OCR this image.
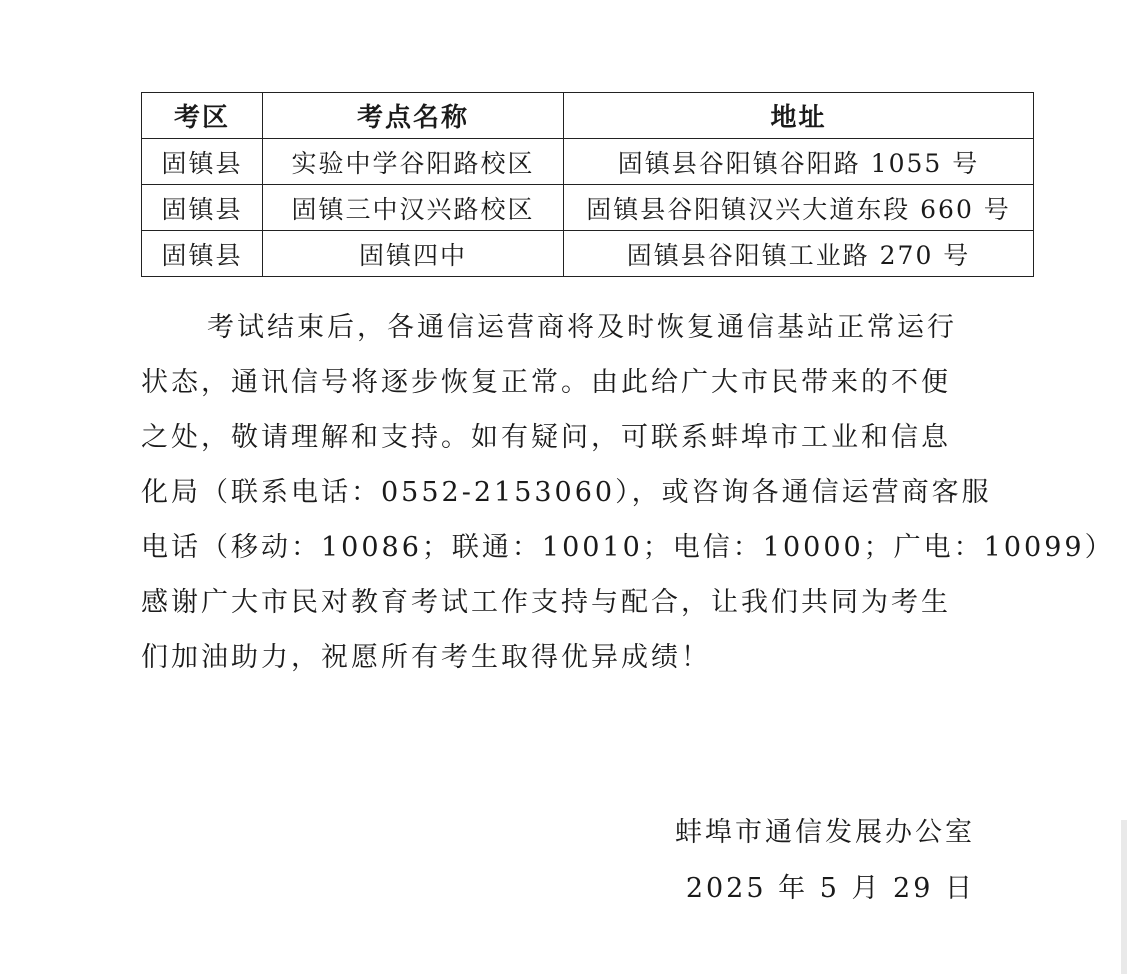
考区	考点名称	地址
固镇县	实验中学谷阳路校区	固镇县谷阳镇谷阳路 1055 号
固镇县	固镇三中汉兴路校区	固镇县谷阳镇汉兴大道东段 660 号
固镇县	固镇四中	固镇县谷阳镇工业路 270 号
考试结束后，各通信运营商将及时恢复通信基站正常运行
状态，通讯信号将逐步恢复正常。由此给广大市民带来的不便
之处，敬请理解和支持。如有疑问，可联系蚌埠市工业和信息
化局（联系电话：0552-2153060），或咨询各通信运营商客服
电话（移动：10086；联通：10010；电信：10000；广电：10099）
感谢广大市民对教育考试工作支持与配合，让我们共同为考生
们加油助力，祝愿所有考生取得优异成绩！
蚌埠市通信发展办公室
2025 年 5 月 29 日
